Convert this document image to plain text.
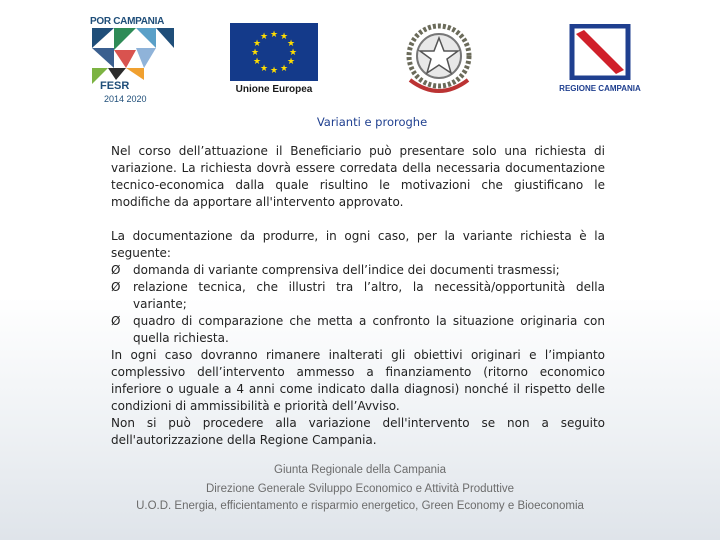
POR CAMPANIA
FESR
2014 2020
★ ★
★
★
★
★
★
★
★
★
★
★
Unione Europea	REGIONE CAMPANIA
Varianti e proroghe

Nel corso dell’attuazione il Beneficiario può presentare solo una richiesta di variazione. La richiesta dovrà essere corredata della necessaria documentazione tecnico-economica dalla quale risultino le motivazioni che giustificano le modifiche da apportare all'intervento approvato.

La documentazione da produrre, in ogni caso, per la variante richiesta è la seguente:

Ø domanda di variante comprensiva dell’indice dei documenti trasmessi;
Ø relazione tecnica, che illustri tra l’altro, la necessità/opportunità della variante;
Ø quadro di comparazione che metta a confronto la situazione originaria con quella richiesta.

In ogni caso dovranno rimanere inalterati gli obiettivi originari e l’impianto complessivo dell’intervento ammesso a finanziamento (ritorno economico inferiore o uguale a 4 anni come indicato dalla diagnosi) nonché il rispetto delle condizioni di ammissibilità e priorità dell’Avviso.

Non si può procedere alla variazione dell'intervento se non a seguito dell'autorizzazione della Regione Campania.

Giunta Regionale della Campania
Direzione Generale Sviluppo Economico e Attività Produttive
U.O.D. Energia, efficientamento e risparmio energetico, Green Economy e Bioeconomia
